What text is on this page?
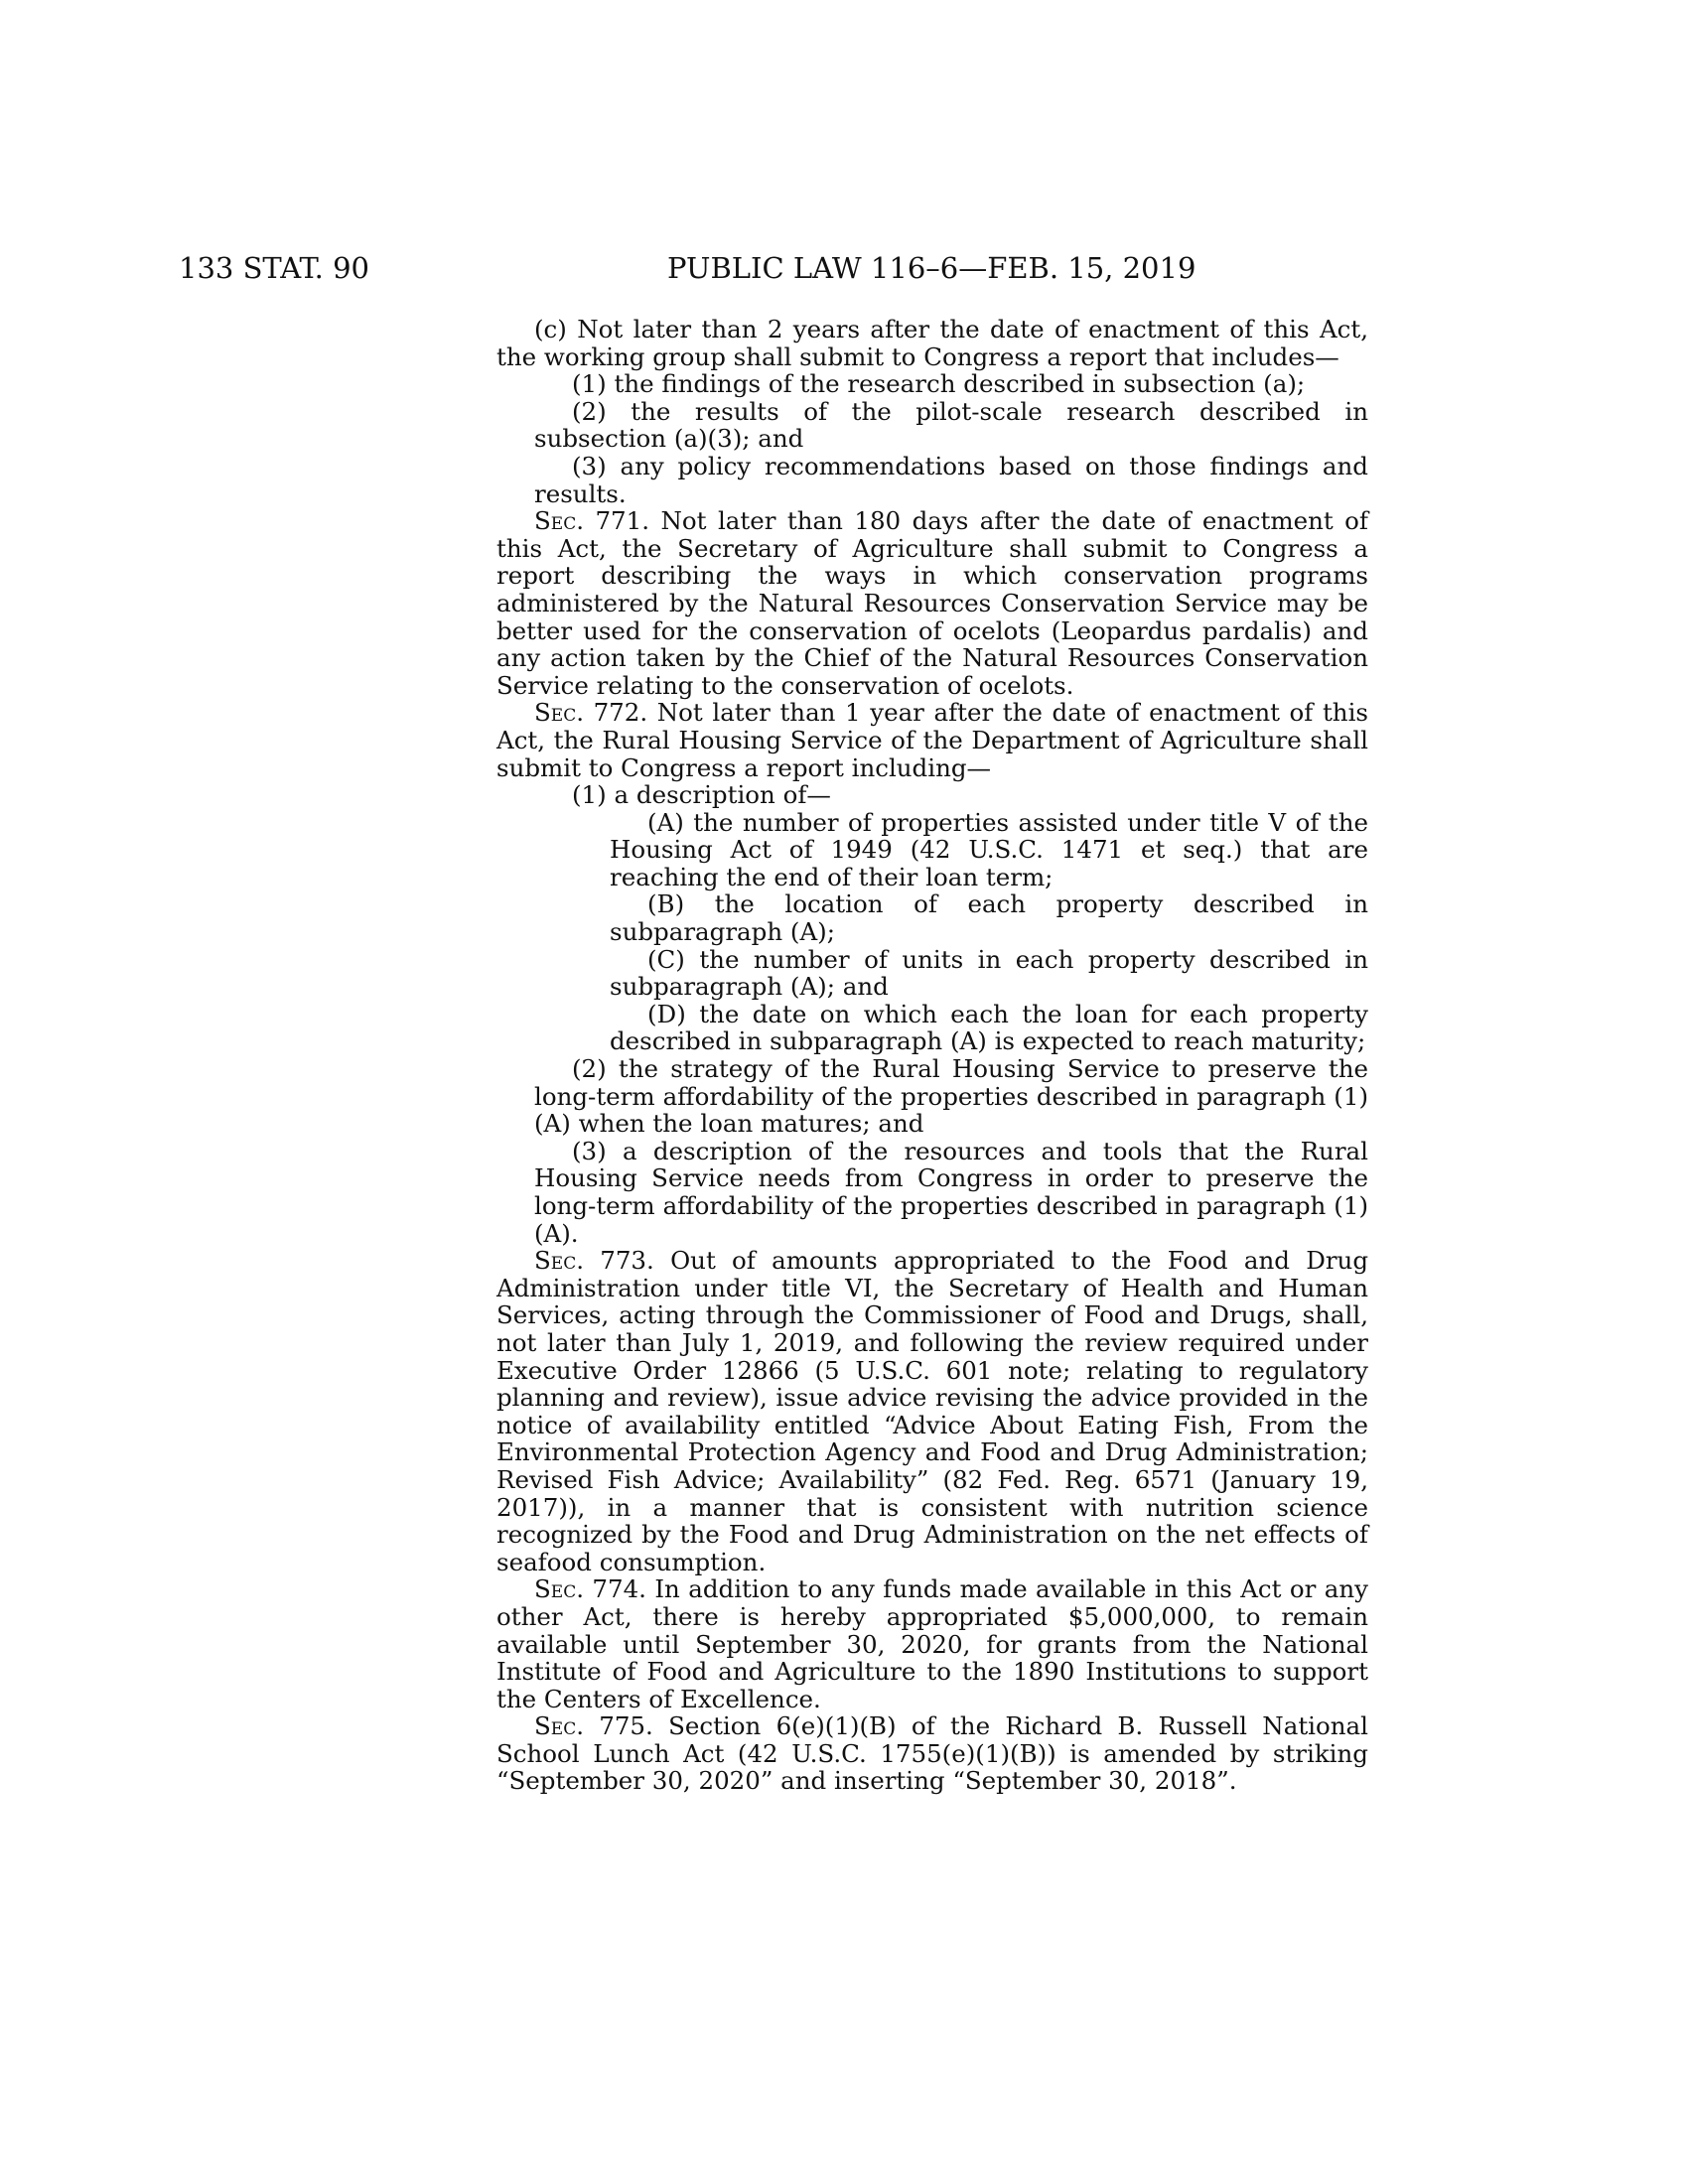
133 STAT. 90	PUBLIC LAW 116–6—FEB. 15, 2019

(c) Not later than 2 years after the date of enactment of this Act, the working group shall submit to Congress a report that includes—

(1) the findings of the research described in subsection (a);

(2) the results of the pilot-scale research described in subsection (a)(3); and

(3) any policy recommendations based on those findings and results.

Sec. 771. Not later than 180 days after the date of enactment of this Act, the Secretary of Agriculture shall submit to Congress a report describing the ways in which conservation programs administered by the Natural Resources Conservation Service may be better used for the conservation of ocelots (Leopardus pardalis) and any action taken by the Chief of the Natural Resources Conservation Service relating to the conservation of ocelots.

Sec. 772. Not later than 1 year after the date of enactment of this Act, the Rural Housing Service of the Department of Agriculture shall submit to Congress a report including—

(1) a description of—

(A) the number of properties assisted under title V of the Housing Act of 1949 (42 U.S.C. 1471 et seq.) that are reaching the end of their loan term;

(B) the location of each property described in subparagraph (A);

(C) the number of units in each property described in subparagraph (A); and

(D) the date on which each the loan for each property described in subparagraph (A) is expected to reach maturity;

(2) the strategy of the Rural Housing Service to preserve the long-term affordability of the properties described in paragraph (1)(A) when the loan matures; and

(3) a description of the resources and tools that the Rural Housing Service needs from Congress in order to preserve the long-term affordability of the properties described in paragraph (1) (A).

Sec. 773. Out of amounts appropriated to the Food and Drug Administration under title VI, the Secretary of Health and Human Services, acting through the Commissioner of Food and Drugs, shall, not later than July 1, 2019, and following the review required under Executive Order 12866 (5 U.S.C. 601 note; relating to regulatory planning and review), issue advice revising the advice provided in the notice of availability entitled “Advice About Eating Fish, From the Environmental Protection Agency and Food and Drug Administration; Revised Fish Advice; Availability” (82 Fed. Reg. 6571 (January 19, 2017)), in a manner that is consistent with nutrition science recognized by the Food and Drug Administration on the net effects of seafood consumption.

Sec. 774. In addition to any funds made available in this Act or any other Act, there is hereby appropriated $5,000,000, to remain available until September 30, 2020, for grants from the National Institute of Food and Agriculture to the 1890 Institutions to support the Centers of Excellence.

Sec. 775. Section 6(e)(1)(B) of the Richard B. Russell National School Lunch Act (42 U.S.C. 1755(e)(1)(B)) is amended by striking “September 30, 2020” and inserting “September 30, 2018”.
